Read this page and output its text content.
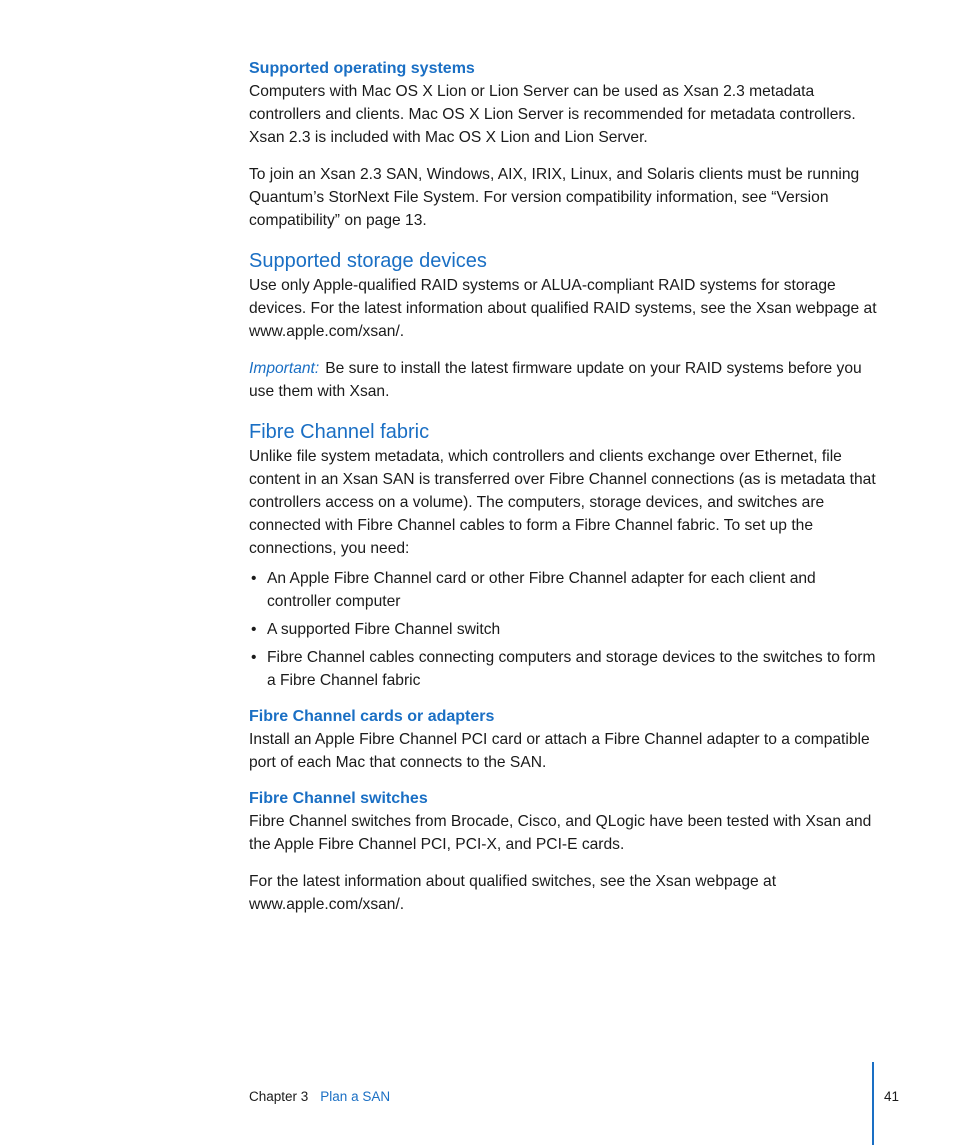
Supported operating systems

Computers with Mac OS X Lion or Lion Server can be used as Xsan 2.3 metadata controllers and clients. Mac OS X Lion Server is recommended for metadata controllers. Xsan 2.3 is included with Mac OS X Lion and Lion Server.

To join an Xsan 2.3 SAN, Windows, AIX, IRIX, Linux, and Solaris clients must be running Quantum’s StorNext File System. For version compatibility information, see “Version compatibility” on page 13.

Supported storage devices

Use only Apple-qualified RAID systems or ALUA-compliant RAID systems for storage devices. For the latest information about qualified RAID systems, see the Xsan webpage at www.apple.com/xsan/.

Important: Be sure to install the latest firmware update on your RAID systems before you use them with Xsan.

Fibre Channel fabric

Unlike file system metadata, which controllers and clients exchange over Ethernet, file content in an Xsan SAN is transferred over Fibre Channel connections (as is metadata that controllers access on a volume). The computers, storage devices, and switches are connected with Fibre Channel cables to form a Fibre Channel fabric. To set up the connections, you need:

• An Apple Fibre Channel card or other Fibre Channel adapter for each client and controller computer
• A supported Fibre Channel switch
• Fibre Channel cables connecting computers and storage devices to the switches to form a Fibre Channel fabric
Fibre Channel cards or adapters

Install an Apple Fibre Channel PCI card or attach a Fibre Channel adapter to a compatible port of each Mac that connects to the SAN.

Fibre Channel switches

Fibre Channel switches from Brocade, Cisco, and QLogic have been tested with Xsan and the Apple Fibre Channel PCI, PCI-X, and PCI-E cards.

For the latest information about qualified switches, see the Xsan webpage at www.apple.com/xsan/.

Chapter 3 Plan a SAN	41
